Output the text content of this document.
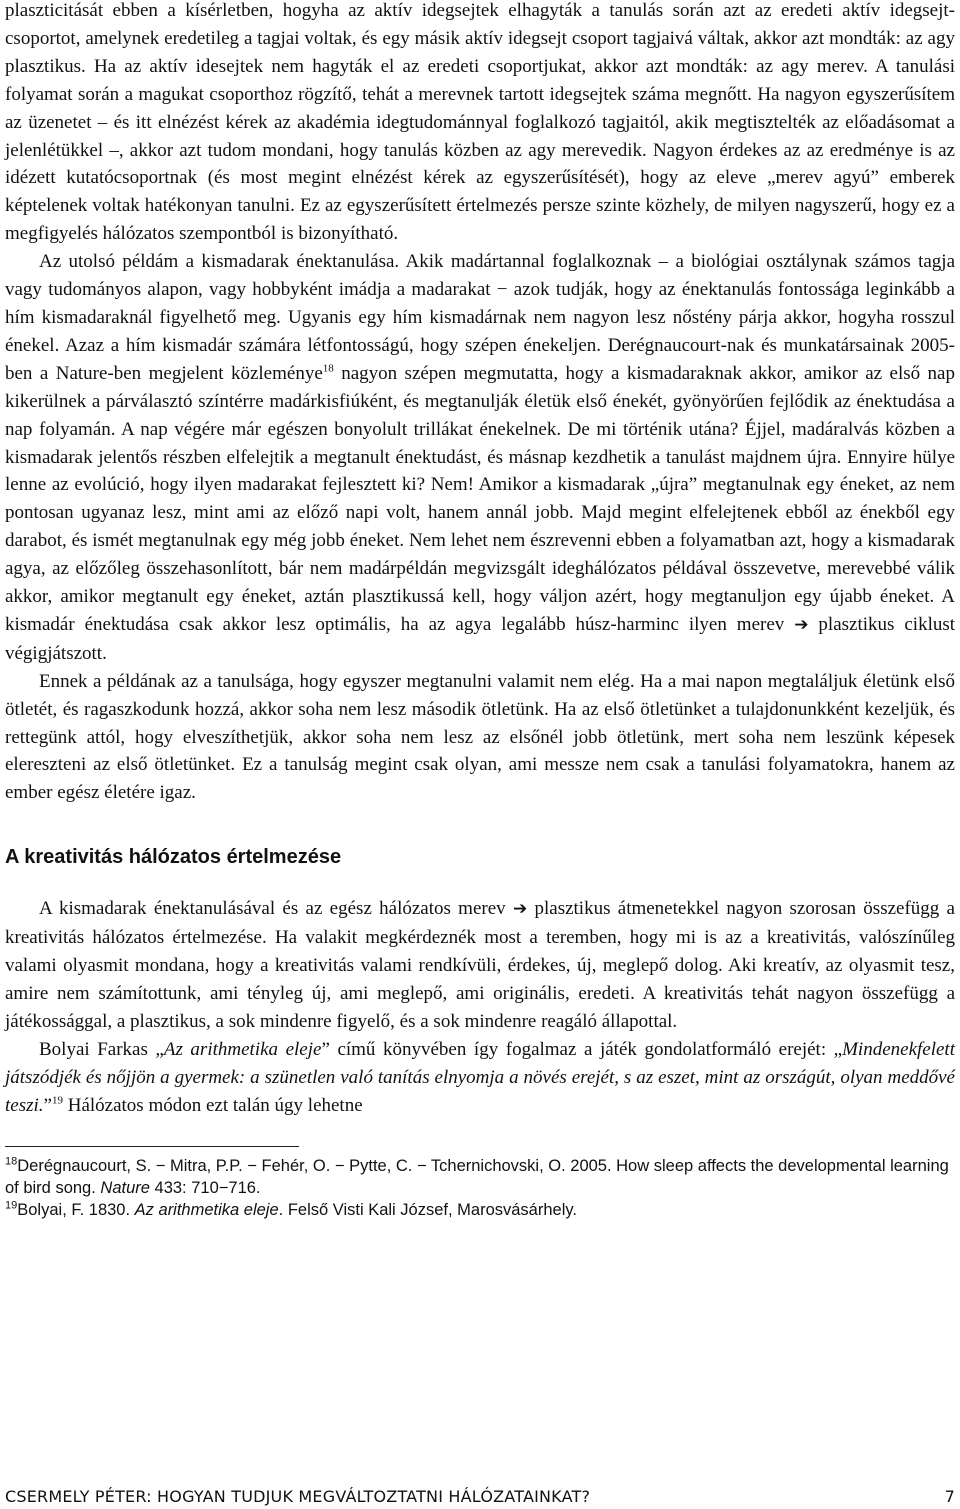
plaszticitását ebben a kísérletben, hogyha az aktív idegsejtek elhagyták a tanulás során azt az eredeti aktív idegsejt-csoportot, amelynek eredetileg a tagjai voltak, és egy másik aktív idegsejt csoport tagjaivá váltak, akkor azt mondták: az agy plasztikus. Ha az aktív idesejtek nem hagyták el az eredeti csoportjukat, akkor azt mondták: az agy merev. A tanulási folyamat során a magukat csoporthoz rögzítő, tehát a merevnek tartott idegsejtek száma megnőtt. Ha nagyon egyszerűsítem az üzenetet – és itt elnézést kérek az akadémia idegtudománnyal foglalkozó tagjaitól, akik megtisztelték az előadásomat a jelenlétükkel –, akkor azt tudom mondani, hogy tanulás közben az agy merevedik. Nagyon érdekes az az eredménye is az idézett kutatócsoportnak (és most megint elnézést kérek az egyszerűsítését), hogy az eleve „merev agyú” emberek képtelenek voltak hatékonyan tanulni. Ez az egyszerűsített értelmezés persze szinte közhely, de milyen nagyszerű, hogy ez a megfigyelés hálózatos szempontból is bizonyítható.

Az utolsó példám a kismadarak énektanulása. Akik madártannal foglalkoznak – a biológiai osztálynak számos tagja vagy tudományos alapon, vagy hobbyként imádja a madarakat − azok tudják, hogy az énektanulás fontossága leginkább a hím kismadaraknál figyelhető meg. Ugyanis egy hím kismadárnak nem nagyon lesz nőstény párja akkor, hogyha rosszul énekel. Azaz a hím kismadár számára létfontosságú, hogy szépen énekeljen. Derégnaucourt-nak és munkatársainak 2005-ben a Nature-ben megjelent közleménye$^{18}$ nagyon szépen megmutatta, hogy a kismadaraknak akkor, amikor az első nap kikerülnek a párválasztó színtérre madárkisfiúként, és megtanulják életük első énekét, gyönyörűen fejlődik az énektudása a nap folyamán. A nap végére már egészen bonyolult trillákat énekelnek. De mi történik utána? Éjjel, madáralvás közben a kismadarak jelentős részben elfelejtik a megtanult énektudást, és másnap kezdhetik a tanulást majdnem újra. Ennyire hülye lenne az evolúció, hogy ilyen madarakat fejlesztett ki? Nem! Amikor a kismadarak „újra” megtanulnak egy éneket, az nem pontosan ugyanaz lesz, mint ami az előző napi volt, hanem annál jobb. Majd megint elfelejtenek ebből az énekből egy darabot, és ismét megtanulnak egy még jobb éneket. Nem lehet nem észrevenni ebben a folyamatban azt, hogy a kismadarak agya, az előzőleg összehasonlított, bár nem madárpéldán megvizsgált ideghálózatos példával összevetve, merevebbé válik akkor, amikor megtanult egy éneket, aztán plasztikussá kell, hogy váljon azért, hogy megtanuljon egy újabb éneket. A kismadár énektudása csak akkor lesz optimális, ha az agya legalább húsz-harminc ilyen merev ➔ plasztikus ciklust végigjátszott.

Ennek a példának az a tanulsága, hogy egyszer megtanulni valamit nem elég. Ha a mai napon megtaláljuk életünk első ötletét, és ragaszkodunk hozzá, akkor soha nem lesz második ötletünk. Ha az első ötletünket a tulajdonunkként kezeljük, és rettegünk attól, hogy elveszíthetjük, akkor soha nem lesz az elsőnél jobb ötletünk, mert soha nem leszünk képesek elereszteni az első ötletünket. Ez a tanulság megint csak olyan, ami messze nem csak a tanulási folyamatokra, hanem az ember egész életére igaz.

A kreativitás hálózatos értelmezése

A kismadarak énektanulásával és az egész hálózatos merev ➔ plasztikus átmenetekkel nagyon szorosan összefügg a kreativitás hálózatos értelmezése. Ha valakit megkérdeznék most a teremben, hogy mi is az a kreativitás, valószínűleg valami olyasmit mondana, hogy a kreativitás valami rendkívüli, érdekes, új, meglepő dolog. Aki kreatív, az olyasmit tesz, amire nem számítottunk, ami tényleg új, ami meglepő, ami originális, eredeti. A kreativitás tehát nagyon összefügg a játékossággal, a plasztikus, a sok mindenre figyelő, és a sok mindenre reagáló állapottal.

Bolyai Farkas „Az arithmetika eleje” című könyvében így fogalmaz a játék gondolatformáló erejét: „Mindenekfelett játszódjék és nőjjön a gyermek: a szünetlen való tanítás elnyomja a növés erejét, s az eszet, mint az országút, olyan meddővé teszi.”$^{19}$ Hálózatos módon ezt talán úgy lehetne

$^{18}$Derégnaucourt, S. − Mitra, P.P. − Fehér, O. − Pytte, C. − Tchernichovski, O. 2005. How sleep affects the developmental learning of bird song. Nature 433: 710−716.

$^{19}$Bolyai, F. 1830. Az arithmetika eleje. Felső Visti Kali József, Marosvásárhely.

CSERMELY PÉTER: HOGYAN TUDJUK MEGVÁLTOZTATNI HÁLÓZATAINKAT?	7
